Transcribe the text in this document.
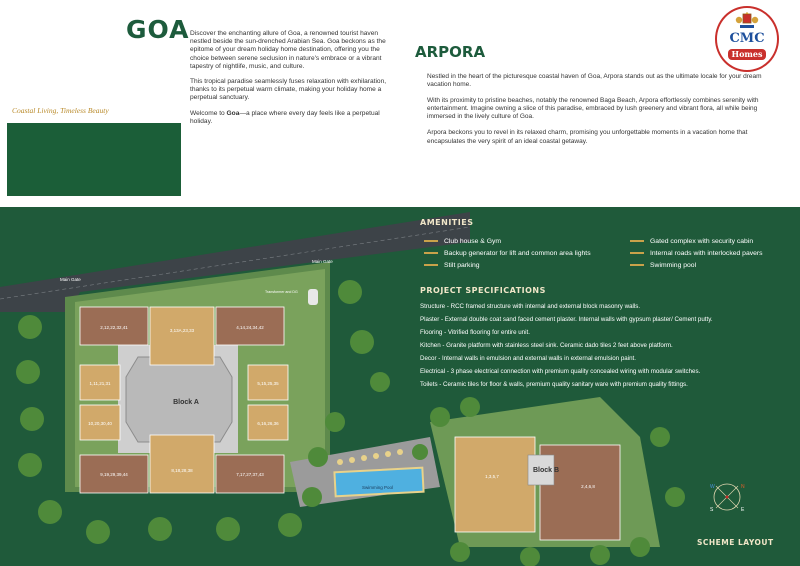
GOA Discover the enchanting allure of Goa, a renowned tourist haven nestled beside the sun-drenched Arabian Sea. Goa beckons as the epitome of your dream holiday home destination, offering you the choice between serene seclusion in nature's embrace or a vibrant tapestry of nightlife, music, and culture.

This tropical paradise seamlessly fuses relaxation with exhilaration, thanks to its perpetual warm climate, making your holiday home a perpetual sanctuary.

Welcome to Goa—a place where every day feels like a perpetual holiday.

Coastal Living, Timeless Beauty
ARPORA

Nestled in the heart of the picturesque coastal haven of Goa, Arpora stands out as the ultimate locale for your dream vacation home.

With its proximity to pristine beaches, notably the renowned Baga Beach, Arpora effortlessly combines serenity with entertainment. Imagine owning a slice of this paradise, embraced by lush greenery and vibrant flora, all while being immersed in the lively culture of Goa.

Arpora beckons you to revel in its relaxed charm, promising you unforgettable moments in a vacation home that encapsulates the very spirit of an ideal coastal getaway.

CMC
Homes
2,12,22,32,41
3,13A,23,33
4,14,24,34,42
1,11,21,31	5,15,25,35
10,20,30,40	6,16,26,36
9,19,29,39,44
8,18,28,38
7,17,27,37,43
Block A
Main Gate
Main Gate
Transformer and DG
Swimming Pool
1,3,5,7
2,4,6,8
Block B
N
W
E
S
AMENITIES
Club house & Gym
Backup generator for lift and common area lights
Stilt parking
Gated complex with security cabin
Internal roads with interlocked pavers
Swimming pool
PROJECT SPECIFICATIONS
Structure - RCC framed structure with internal and external block masonry walls.
Plaster - External double coat sand faced cement plaster. Internal walls with gypsum plaster/ Cement putty.
Flooring - Vitrified flooring for entire unit.
Kitchen - Granite platform with stainless steel sink. Ceramic dado tiles 2 feet above platform.
Decor - Internal walls in emulsion and external walls in external emulsion paint.
Electrical - 3 phase electrical connection with premium quality concealed wiring with modular switches.
Toilets - Ceramic tiles for floor & walls, premium quality sanitary ware with premium quality fittings.
SCHEME LAYOUT
